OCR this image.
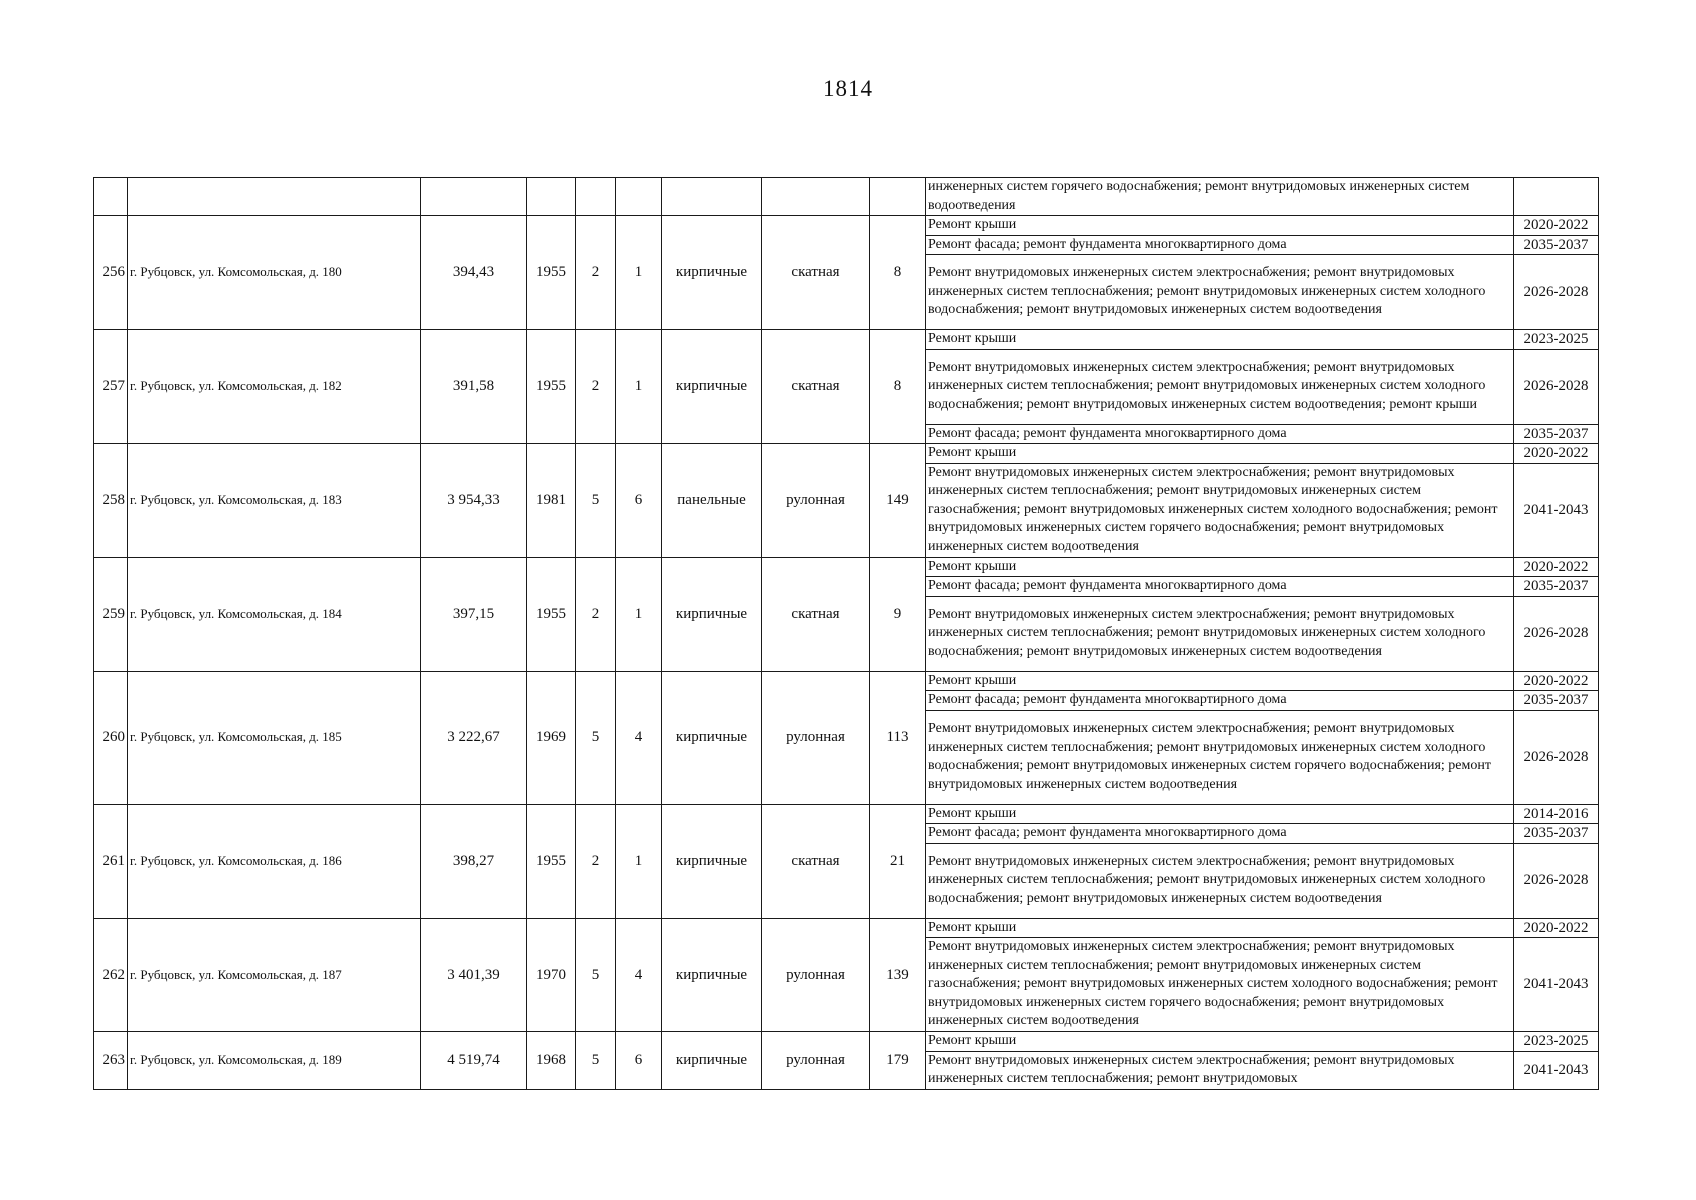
1814
									инженерных систем горячего водоснабжения; ремонт внутридомовых инженерных систем водоотведения	
256	г. Рубцовск, ул. Комсомольская, д. 180	394,43	1955	2	1	кирпичные	скатная	8	Ремонт крыши	2020-2022
									Ремонт фасада; ремонт фундамента многоквартирного дома	2035-2037
									Ремонт внутридомовых инженерных систем электроснабжения; ремонт внутридомовых инженерных систем теплоснабжения; ремонт внутридомовых инженерных систем холодного водоснабжения; ремонт внутридомовых инженерных систем водоотведения	2026-2028
257	г. Рубцовск, ул. Комсомольская, д. 182	391,58	1955	2	1	кирпичные	скатная	8	Ремонт крыши	2023-2025
									Ремонт внутридомовых инженерных систем электроснабжения; ремонт внутридомовых инженерных систем теплоснабжения; ремонт внутридомовых инженерных систем холодного водоснабжения; ремонт внутридомовых инженерных систем водоотведения; ремонт крыши	2026-2028
									Ремонт фасада; ремонт фундамента многоквартирного дома	2035-2037
258	г. Рубцовск, ул. Комсомольская, д. 183	3 954,33	1981	5	6	панельные	рулонная	149	Ремонт крыши	2020-2022
									Ремонт внутридомовых инженерных систем электроснабжения; ремонт внутридомовых инженерных систем теплоснабжения; ремонт внутридомовых инженерных систем газоснабжения; ремонт внутридомовых инженерных систем холодного водоснабжения; ремонт внутридомовых инженерных систем горячего водоснабжения; ремонт внутридомовых инженерных систем водоотведения	2041-2043
259	г. Рубцовск, ул. Комсомольская, д. 184	397,15	1955	2	1	кирпичные	скатная	9	Ремонт крыши	2020-2022
									Ремонт фасада; ремонт фундамента многоквартирного дома	2035-2037
									Ремонт внутридомовых инженерных систем электроснабжения; ремонт внутридомовых инженерных систем теплоснабжения; ремонт внутридомовых инженерных систем холодного водоснабжения; ремонт внутридомовых инженерных систем водоотведения	2026-2028
260	г. Рубцовск, ул. Комсомольская, д. 185	3 222,67	1969	5	4	кирпичные	рулонная	113	Ремонт крыши	2020-2022
									Ремонт фасада; ремонт фундамента многоквартирного дома	2035-2037
									Ремонт внутридомовых инженерных систем электроснабжения; ремонт внутридомовых инженерных систем теплоснабжения; ремонт внутридомовых инженерных систем холодного водоснабжения; ремонт внутридомовых инженерных систем горячего водоснабжения; ремонт внутридомовых инженерных систем водоотведения	2026-2028
261	г. Рубцовск, ул. Комсомольская, д. 186	398,27	1955	2	1	кирпичные	скатная	21	Ремонт крыши	2014-2016
									Ремонт фасада; ремонт фундамента многоквартирного дома	2035-2037
									Ремонт внутридомовых инженерных систем электроснабжения; ремонт внутридомовых инженерных систем теплоснабжения; ремонт внутридомовых инженерных систем холодного водоснабжения; ремонт внутридомовых инженерных систем водоотведения	2026-2028
262	г. Рубцовск, ул. Комсомольская, д. 187	3 401,39	1970	5	4	кирпичные	рулонная	139	Ремонт крыши	2020-2022
									Ремонт внутридомовых инженерных систем электроснабжения; ремонт внутридомовых инженерных систем теплоснабжения; ремонт внутридомовых инженерных систем газоснабжения; ремонт внутридомовых инженерных систем холодного водоснабжения; ремонт внутридомовых инженерных систем горячего водоснабжения; ремонт внутридомовых инженерных систем водоотведения	2041-2043
263	г. Рубцовск, ул. Комсомольская, д. 189	4 519,74	1968	5	6	кирпичные	рулонная	179	Ремонт крыши	2023-2025
									Ремонт внутридомовых инженерных систем электроснабжения; ремонт внутридомовых инженерных систем теплоснабжения; ремонт внутридомовых	2041-2043
